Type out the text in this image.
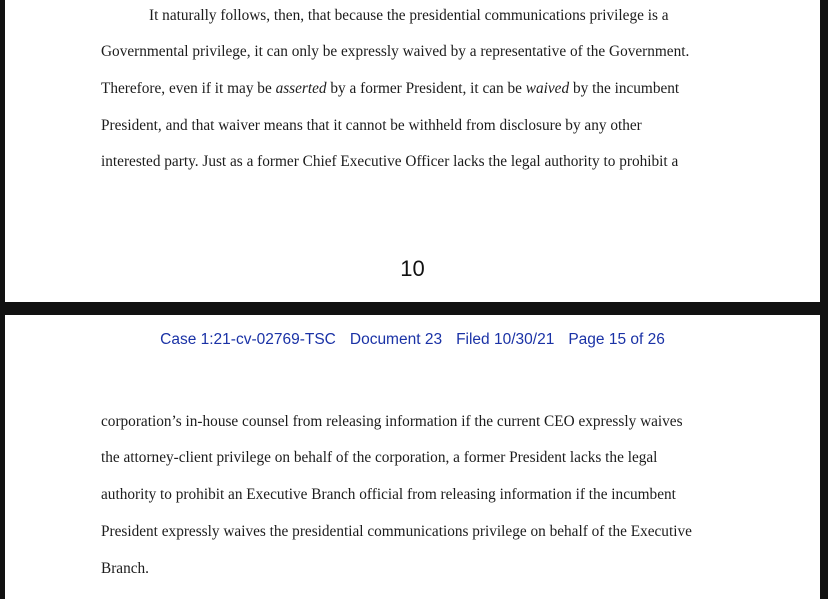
It naturally follows, then, that because the presidential communications privilege is a
Governmental privilege, it can only be expressly waived by a representative of the Government.
Therefore, even if it may be asserted by a former President, it can be waived by the incumbent
President, and that waiver means that it cannot be withheld from disclosure by any other
interested party. Just as a former Chief Executive Officer lacks the legal authority to prohibit a
10
Case 1:21-cv-02769-TSC Document 23 Filed 10/30/21 Page 15 of 26
corporation’s in-house counsel from releasing information if the current CEO expressly waives
the attorney-client privilege on behalf of the corporation, a former President lacks the legal
authority to prohibit an Executive Branch official from releasing information if the incumbent
President expressly waives the presidential communications privilege on behalf of the Executive
Branch.
